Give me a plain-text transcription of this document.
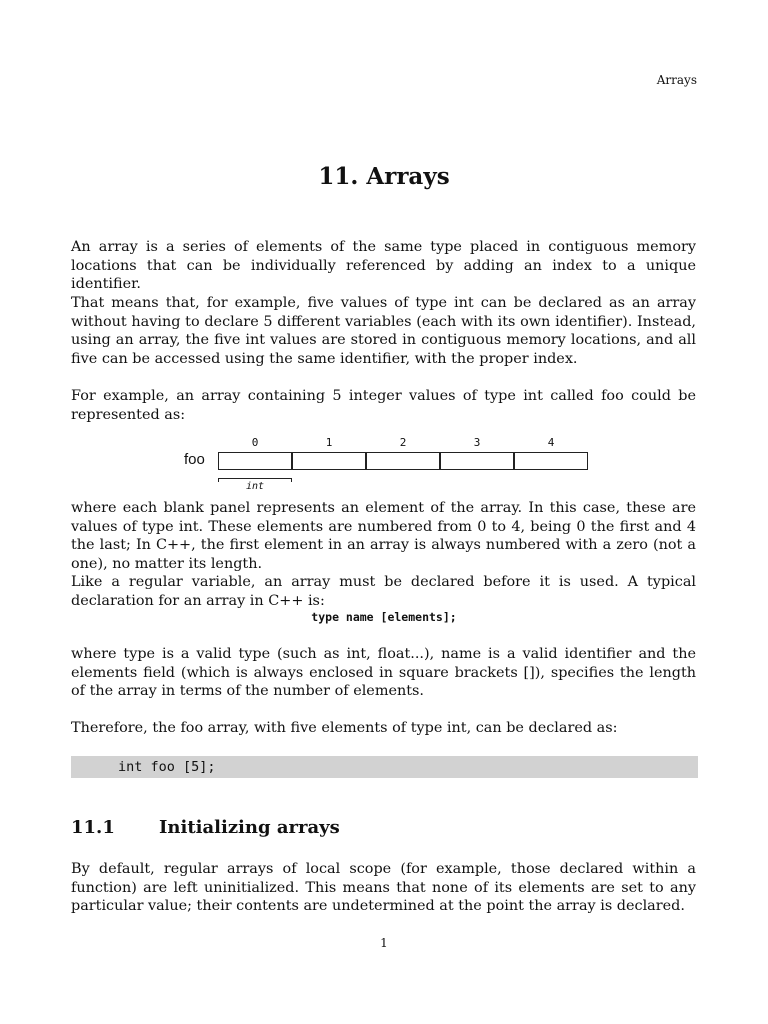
Arrays
11. Arrays

An array is a series of elements of the same type placed in contiguous memory locations that can be individually referenced by adding an index to a unique identifier.

That means that, for example, five values of type int can be declared as an array without having to declare 5 different variables (each with its own identifier). Instead, using an array, the five int values are stored in contiguous memory locations, and all five can be accessed using the same identifier, with the proper index.

For example, an array containing 5 integer values of type int called foo could be represented as:

foo
0	1	2	3	4
int

where each blank panel represents an element of the array. In this case, these are values of type int. These elements are numbered from 0 to 4, being 0 the first and 4 the last; In C++, the first element in an array is always numbered with a zero (not a one), no matter its length.

Like a regular variable, an array must be declared before it is used. A typical declaration for an array in C++ is:

type name [elements];

where type is a valid type (such as int, float...), name is a valid identifier and the elements field (which is always enclosed in square brackets []), specifies the length of the array in terms of the number of elements.

Therefore, the foo array, with five elements of type int, can be declared as:

int foo [5];
11.1 Initializing arrays

By default, regular arrays of local scope (for example, those declared within a function) are left uninitialized. This means that none of its elements are set to any particular value; their contents are undetermined at the point the array is declared.

1
